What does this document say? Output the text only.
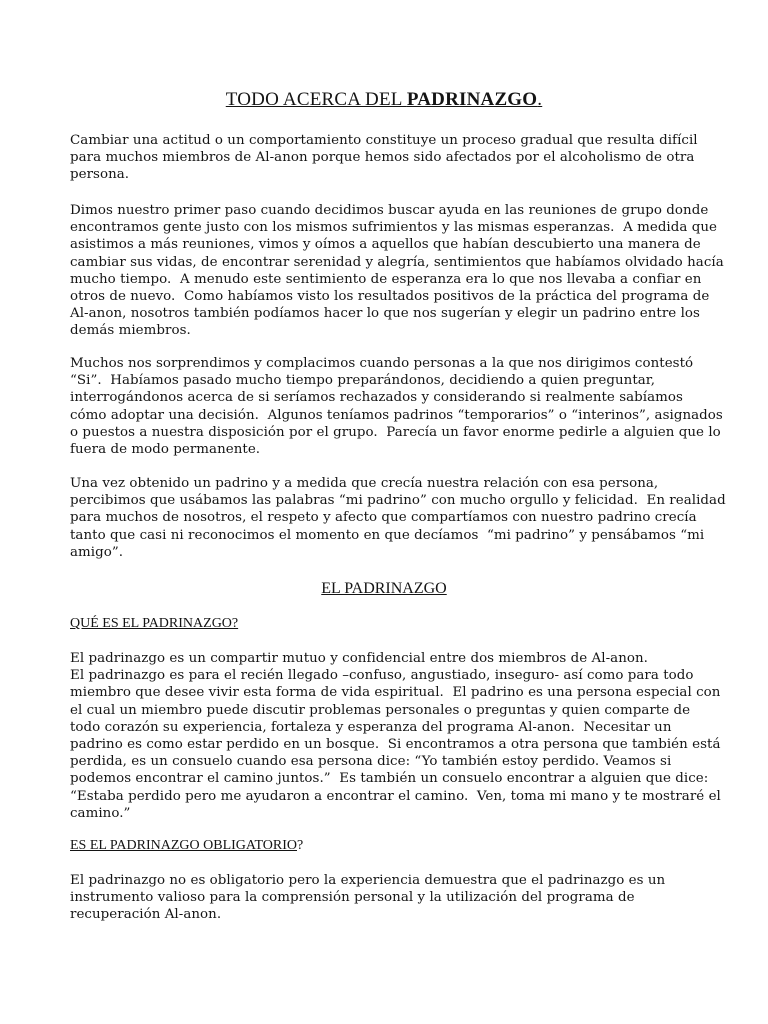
TODO ACERCA DEL PADRINAZGO.
Cambiar una actitud o un comportamiento constituye un proceso gradual que resulta difícil
para muchos miembros de Al-anon porque hemos sido afectados por el alcoholismo de otra
persona.
Dimos nuestro primer paso cuando decidimos buscar ayuda en las reuniones de grupo donde
encontramos gente justo con los mismos sufrimientos y las mismas esperanzas.  A medida que
asistimos a más reuniones, vimos y oímos a aquellos que habían descubierto una manera de
cambiar sus vidas, de encontrar serenidad y alegría, sentimientos que habíamos olvidado hacía
mucho tiempo.  A menudo este sentimiento de esperanza era lo que nos llevaba a confiar en
otros de nuevo.  Como habíamos visto los resultados positivos de la práctica del programa de
Al-anon, nosotros también podíamos hacer lo que nos sugerían y elegir un padrino entre los
demás miembros.
Muchos nos sorprendimos y complacimos cuando personas a la que nos dirigimos contestó
“Si”.  Habíamos pasado mucho tiempo preparándonos, decidiendo a quien preguntar,
interrogándonos acerca de si seríamos rechazados y considerando si realmente sabíamos
cómo adoptar una decisión.  Algunos teníamos padrinos “temporarios” o “interinos”, asignados
o puestos a nuestra disposición por el grupo.  Parecía un favor enorme pedirle a alguien que lo
fuera de modo permanente.
Una vez obtenido un padrino y a medida que crecía nuestra relación con esa persona,
percibimos que usábamos las palabras “mi padrino” con mucho orgullo y felicidad.  En realidad
para muchos de nosotros, el respeto y afecto que compartíamos con nuestro padrino crecía
tanto que casi ni reconocimos el momento en que decíamos  “mi padrino” y pensábamos “mi
amigo”.
EL PADRINAZGO
QUÉ ES EL PADRINAZGO?
El padrinazgo es un compartir mutuo y confidencial entre dos miembros de Al-anon.
El padrinazgo es para el recién llegado –confuso, angustiado, inseguro- así como para todo
miembro que desee vivir esta forma de vida espiritual.  El padrino es una persona especial con
el cual un miembro puede discutir problemas personales o preguntas y quien comparte de
todo corazón su experiencia, fortaleza y esperanza del programa Al-anon.  Necesitar un
padrino es como estar perdido en un bosque.  Si encontramos a otra persona que también está
perdida, es un consuelo cuando esa persona dice: “Yo también estoy perdido. Veamos si
podemos encontrar el camino juntos.”  Es también un consuelo encontrar a alguien que dice:
“Estaba perdido pero me ayudaron a encontrar el camino.  Ven, toma mi mano y te mostraré el
camino.”
ES EL PADRINAZGO OBLIGATORIO?
El padrinazgo no es obligatorio pero la experiencia demuestra que el padrinazgo es un
instrumento valioso para la comprensión personal y la utilización del programa de
recuperación Al-anon.
